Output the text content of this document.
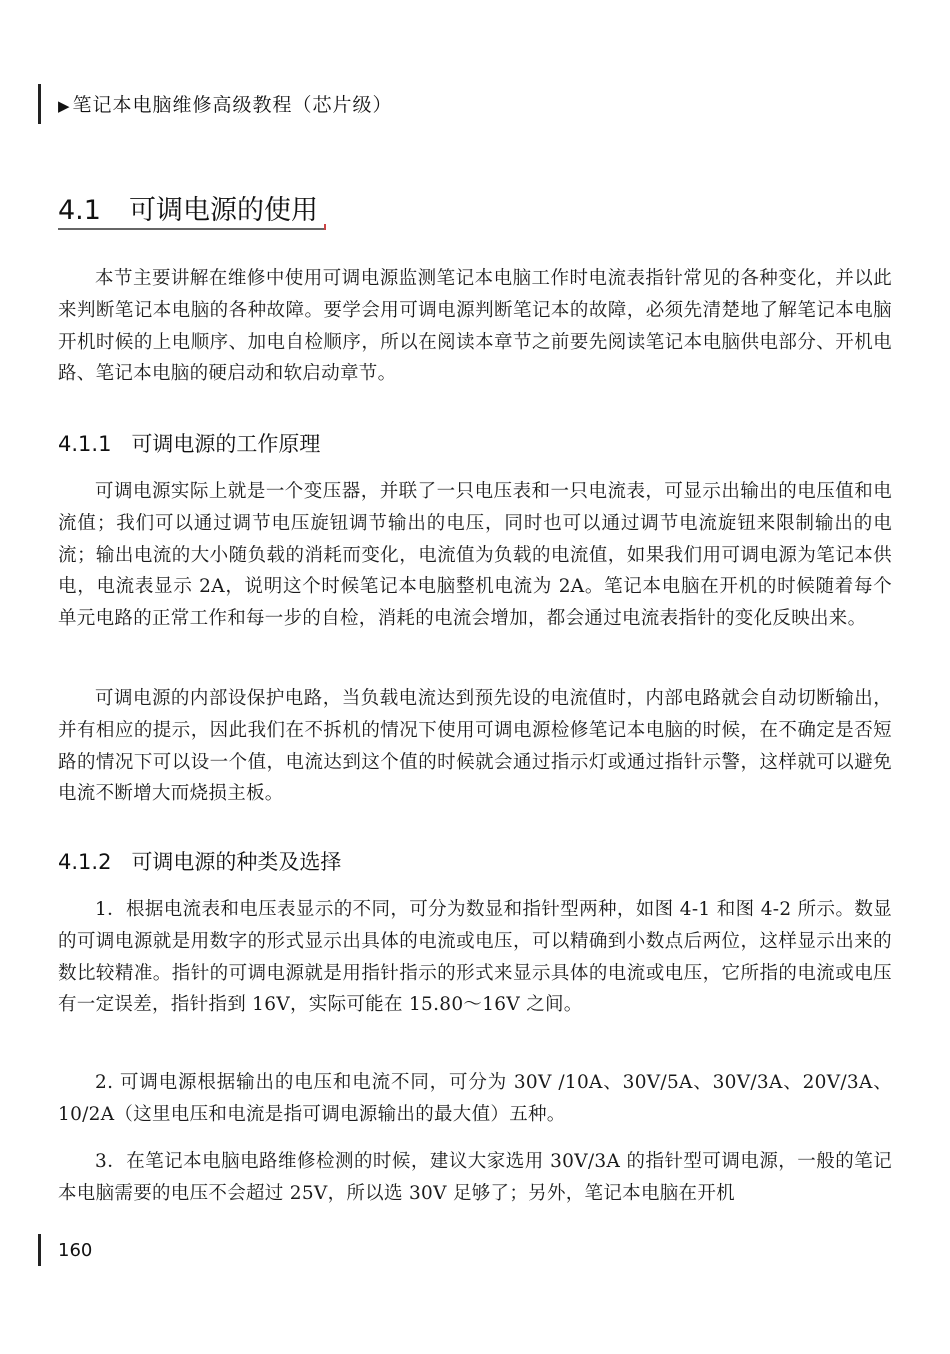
▶ 笔记本电脑维修高级教程（芯片级）
4.1 可调电源的使用

本节主要讲解在维修中使用可调电源监测笔记本电脑工作时电流表指针常见的各种变化，并以此来判断笔记本电脑的各种故障。要学会用可调电源判断笔记本的故障，必须先清楚地了解笔记本电脑开机时候的上电顺序、加电自检顺序，所以在阅读本章节之前要先阅读笔记本电脑供电部分、开机电路、笔记本电脑的硬启动和软启动章节。

4.1.1 可调电源的工作原理

可调电源实际上就是一个变压器，并联了一只电压表和一只电流表，可显示出输出的电压值和电流值；我们可以通过调节电压旋钮调节输出的电压，同时也可以通过调节电流旋钮来限制输出的电流；输出电流的大小随负载的消耗而变化，电流值为负载的电流值，如果我们用可调电源为笔记本供电，电流表显示 2A，说明这个时候笔记本电脑整机电流为 2A。笔记本电脑在开机的时候随着每个单元电路的正常工作和每一步的自检，消耗的电流会增加，都会通过电流表指针的变化反映出来。

可调电源的内部设保护电路，当负载电流达到预先设的电流值时，内部电路就会自动切断输出，并有相应的提示，因此我们在不拆机的情况下使用可调电源检修笔记本电脑的时候，在不确定是否短路的情况下可以设一个值，电流达到这个值的时候就会通过指示灯或通过指针示警，这样就可以避免电流不断增大而烧损主板。

4.1.2 可调电源的种类及选择

1．根据电流表和电压表显示的不同，可分为数显和指针型两种，如图 4-1 和图 4-2 所示。数显的可调电源就是用数字的形式显示出具体的电流或电压，可以精确到小数点后两位，这样显示出来的数比较精准。指针的可调电源就是用指针指示的形式来显示具体的电流或电压，它所指的电流或电压有一定误差，指针指到 16V，实际可能在 15.80～16V 之间。

2. 可调电源根据输出的电压和电流不同，可分为 30V /10A、30V/5A、30V/3A、20V/3A、10/2A（这里电压和电流是指可调电源输出的最大值）五种。

3．在笔记本电脑电路维修检测的时候，建议大家选用 30V/3A 的指针型可调电源，一般的笔记本电脑需要的电压不会超过 25V，所以选 30V 足够了；另外，笔记本电脑在开机

160
